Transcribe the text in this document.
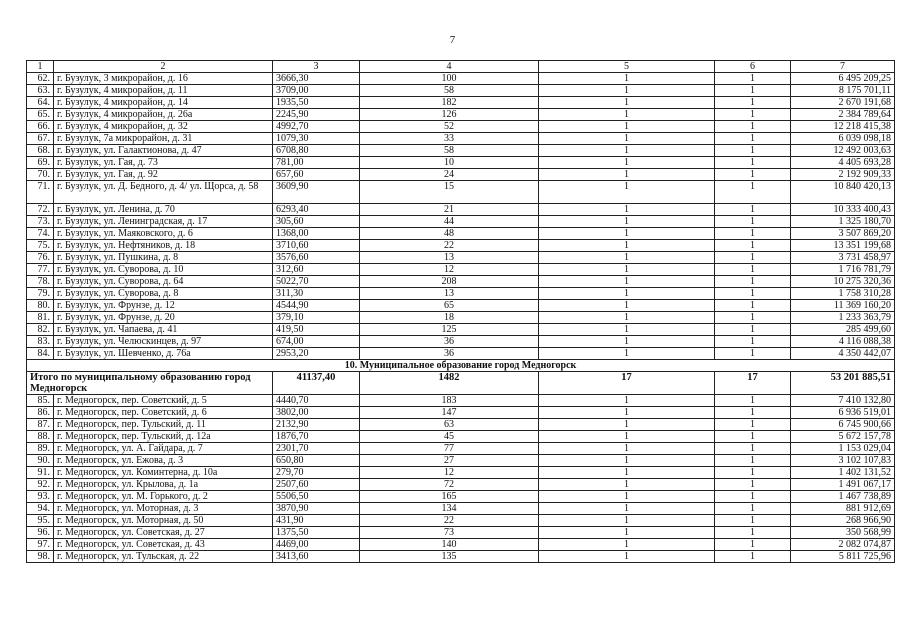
7
1	2	3	4	5	6	7
62.	г. Бузулук, 3 микрорайон, д. 16	3666,30	100	1	1	6 495 209,25
63.	г. Бузулук, 4 микрорайон, д. 11	3709,00	58	1	1	8 175 701,11
64.	г. Бузулук, 4 микрорайон, д. 14	1935,50	182	1	1	2 670 191,68
65.	г. Бузулук, 4 микрорайон, д. 26а	2245,90	126	1	1	2 384 789,64
66.	г. Бузулук, 4 микрорайон, д. 32	4992,70	52	1	1	12 218 415,38
67.	г. Бузулук, 7а микрорайон, д. 31	1079,30	33	1	1	6 039 098,18
68.	г. Бузулук, ул. Галактионова, д. 47	6708,80	58	1	1	12 492 003,63
69.	г. Бузулук, ул. Гая, д. 73	781,00	10	1	1	4 405 693,28
70.	г. Бузулук, ул. Гая, д. 92	657,60	24	1	1	2 192 909,33
71.	г. Бузулук, ул. Д. Бедного, д. 4/ ул. Щорса, д. 58	3609,90	15	1	1	10 840 420,13
72.	г. Бузулук, ул. Ленина, д. 70	6293,40	21	1	1	10 333 400,43
73.	г. Бузулук, ул. Ленинградская, д. 17	305,60	44	1	1	1 325 180,70
74.	г. Бузулук, ул. Маяковского, д. 6	1368,00	48	1	1	3 507 869,20
75.	г. Бузулук, ул. Нефтяников, д. 18	3710,60	22	1	1	13 351 199,68
76.	г. Бузулук, ул. Пушкина, д. 8	3576,60	13	1	1	3 731 458,97
77.	г. Бузулук, ул. Суворова, д. 10	312,60	12	1	1	1 716 781,79
78.	г. Бузулук, ул. Суворова, д. 64	5022,70	208	1	1	10 275 320,36
79.	г. Бузулук, ул. Суворова, д. 8	311,30	13	1	1	1 758 310,28
80.	г. Бузулук, ул. Фрунзе, д. 12	4544,90	65	1	1	11 369 160,20
81.	г. Бузулук, ул. Фрунзе, д. 20	379,10	18	1	1	1 233 363,79
82.	г. Бузулук, ул. Чапаева, д. 41	419,50	125	1	1	285 499,60
83.	г. Бузулук, ул. Челюскинцев, д. 97	674,00	36	1	1	4 116 088,38
84.	г. Бузулук, ул. Шевченко, д. 76а	2953,20	36	1	1	4 350 442,07
10. Муниципальное образование город Медногорск						
Итого по муниципальному образованию город Медногорск		41137,40	1482	17	17	53 201 885,51
85.	г. Медногорск, пер. Советский, д. 5	4440,70	183	1	1	7 410 132,80
86.	г. Медногорск, пер. Советский, д. 6	3802,00	147	1	1	6 936 519,01
87.	г. Медногорск, пер. Тульский, д. 11	2132,90	63	1	1	6 745 900,66
88.	г. Медногорск, пер. Тульский, д. 12а	1876,70	45	1	1	5 672 157,78
89.	г. Медногорск, ул. А. Гайдара, д. 7	2301,70	77	1	1	1 153 029,04
90.	г. Медногорск, ул. Ежова, д. 3	650,80	27	1	1	3 102 107,83
91.	г. Медногорск, ул. Коминтерна, д. 10а	279,70	12	1	1	1 402 131,52
92.	г. Медногорск, ул. Крылова, д. 1а	2507,60	72	1	1	1 491 067,17
93.	г. Медногорск, ул. М. Горького, д. 2	5506,50	165	1	1	1 467 738,89
94.	г. Медногорск, ул. Моторная, д. 3	3870,90	134	1	1	881 912,69
95.	г. Медногорск, ул. Моторная, д. 50	431,90	22	1	1	268 966,90
96.	г. Медногорск, ул. Советская, д. 27	1375,50	73	1	1	350 568,99
97.	г. Медногорск, ул. Советская, д. 43	4469,00	140	1	1	2 082 074,87
98.	г. Медногорск, ул. Тульская, д. 22	3413,60	135	1	1	5 811 725,96
